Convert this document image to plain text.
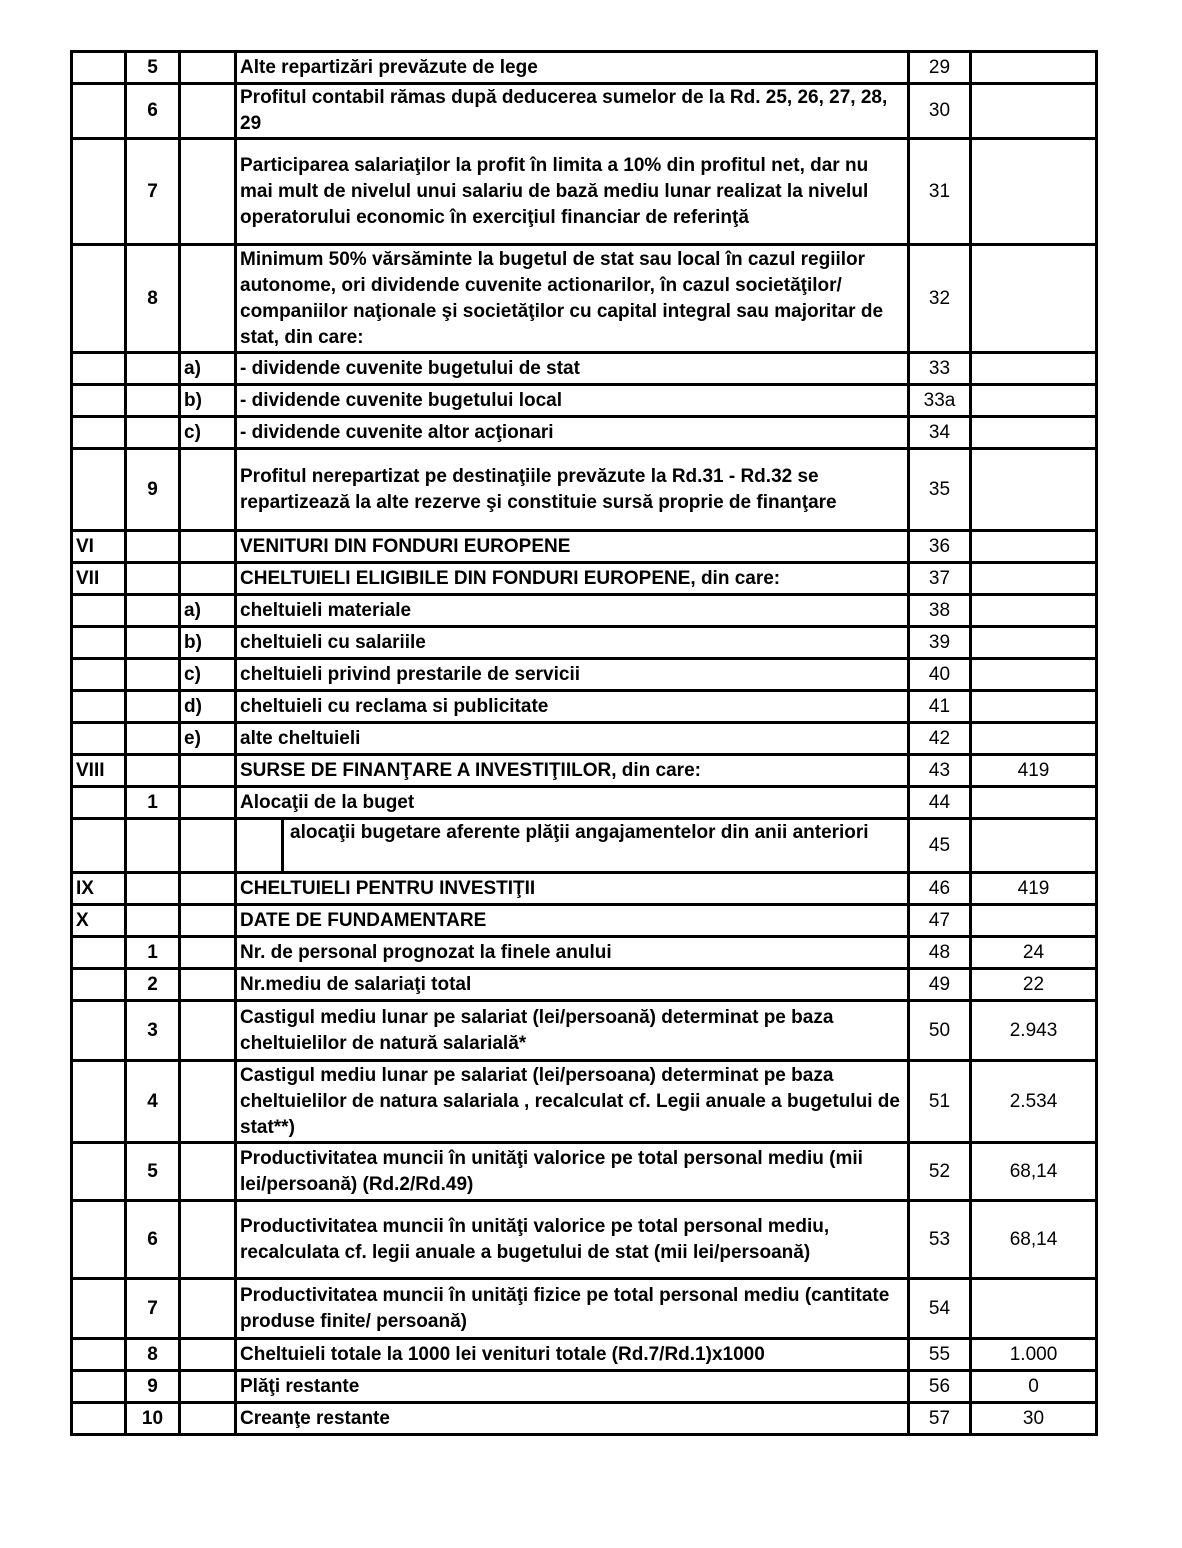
	5		Alte repartizări prevăzute de lege	29	
	6		Profitul contabil rămas după deducerea sumelor de la Rd. 25, 26, 27, 28, 29	30	
	7		Participarea salariaţilor la profit în limita a 10% din profitul net, dar nu mai mult de nivelul unui salariu de bază mediu lunar realizat la nivelul operatorului economic în exerciţiul financiar de referinţă	31	
	8		Minimum 50% vărsăminte la bugetul de stat sau local în cazul regiilor autonome, ori dividende cuvenite actionarilor, în cazul societăţilor/ companiilor naţionale şi societăţilor cu capital integral sau majoritar de stat, din care:	32	
		a)	- dividende cuvenite bugetului de stat	33	
		b)	- dividende cuvenite bugetului local	33a	
		c)	- dividende cuvenite altor acţionari	34	
	9		Profitul nerepartizat pe destinaţiile prevăzute la Rd.31 - Rd.32 se repartizează la alte rezerve şi constituie sursă proprie de finanţare	35	
VI			VENITURI DIN FONDURI EUROPENE	36	
VII			CHELTUIELI ELIGIBILE DIN FONDURI EUROPENE, din care:	37	
		a)	cheltuieli materiale	38	
		b)	cheltuieli cu salariile	39	
		c)	cheltuieli privind prestarile de servicii	40	
		d)	cheltuieli cu reclama si publicitate	41	
		e)	alte cheltuieli	42	
VIII			SURSE DE FINANŢARE A INVESTIŢIILOR, din care:	43	419
	1		Alocaţii de la buget	44	

			alocaţii bugetare aferente plăţii angajamentelor din anii anteriori	45	
IX			CHELTUIELI PENTRU INVESTIŢII	46	419
X			DATE DE FUNDAMENTARE	47	
	1		Nr. de personal prognozat la finele anului	48	24
	2		Nr.mediu de salariaţi total	49	22
	3		Castigul mediu lunar pe salariat (lei/persoană) determinat pe baza cheltuielilor de natură salarială*	50	2.943
	4		Castigul mediu lunar pe salariat (lei/persoana) determinat pe baza cheltuielilor de natura salariala , recalculat cf. Legii anuale a bugetului de stat**)	51	2.534
	5		Productivitatea muncii în unităţi valorice pe total personal mediu (mii lei/persoană) (Rd.2/Rd.49)	52	68,14
	6		Productivitatea muncii în unităţi valorice pe total personal mediu, recalculata cf. legii anuale a bugetului de stat (mii lei/persoană)	53	68,14
	7		Productivitatea muncii în unităţi fizice pe total personal mediu (cantitate produse finite/ persoană)	54	
	8		Cheltuieli totale la 1000 lei venituri totale (Rd.7/Rd.1)x1000	55	1.000
	9		Plăţi restante	56	0
	10		Creanţe restante	57	30
